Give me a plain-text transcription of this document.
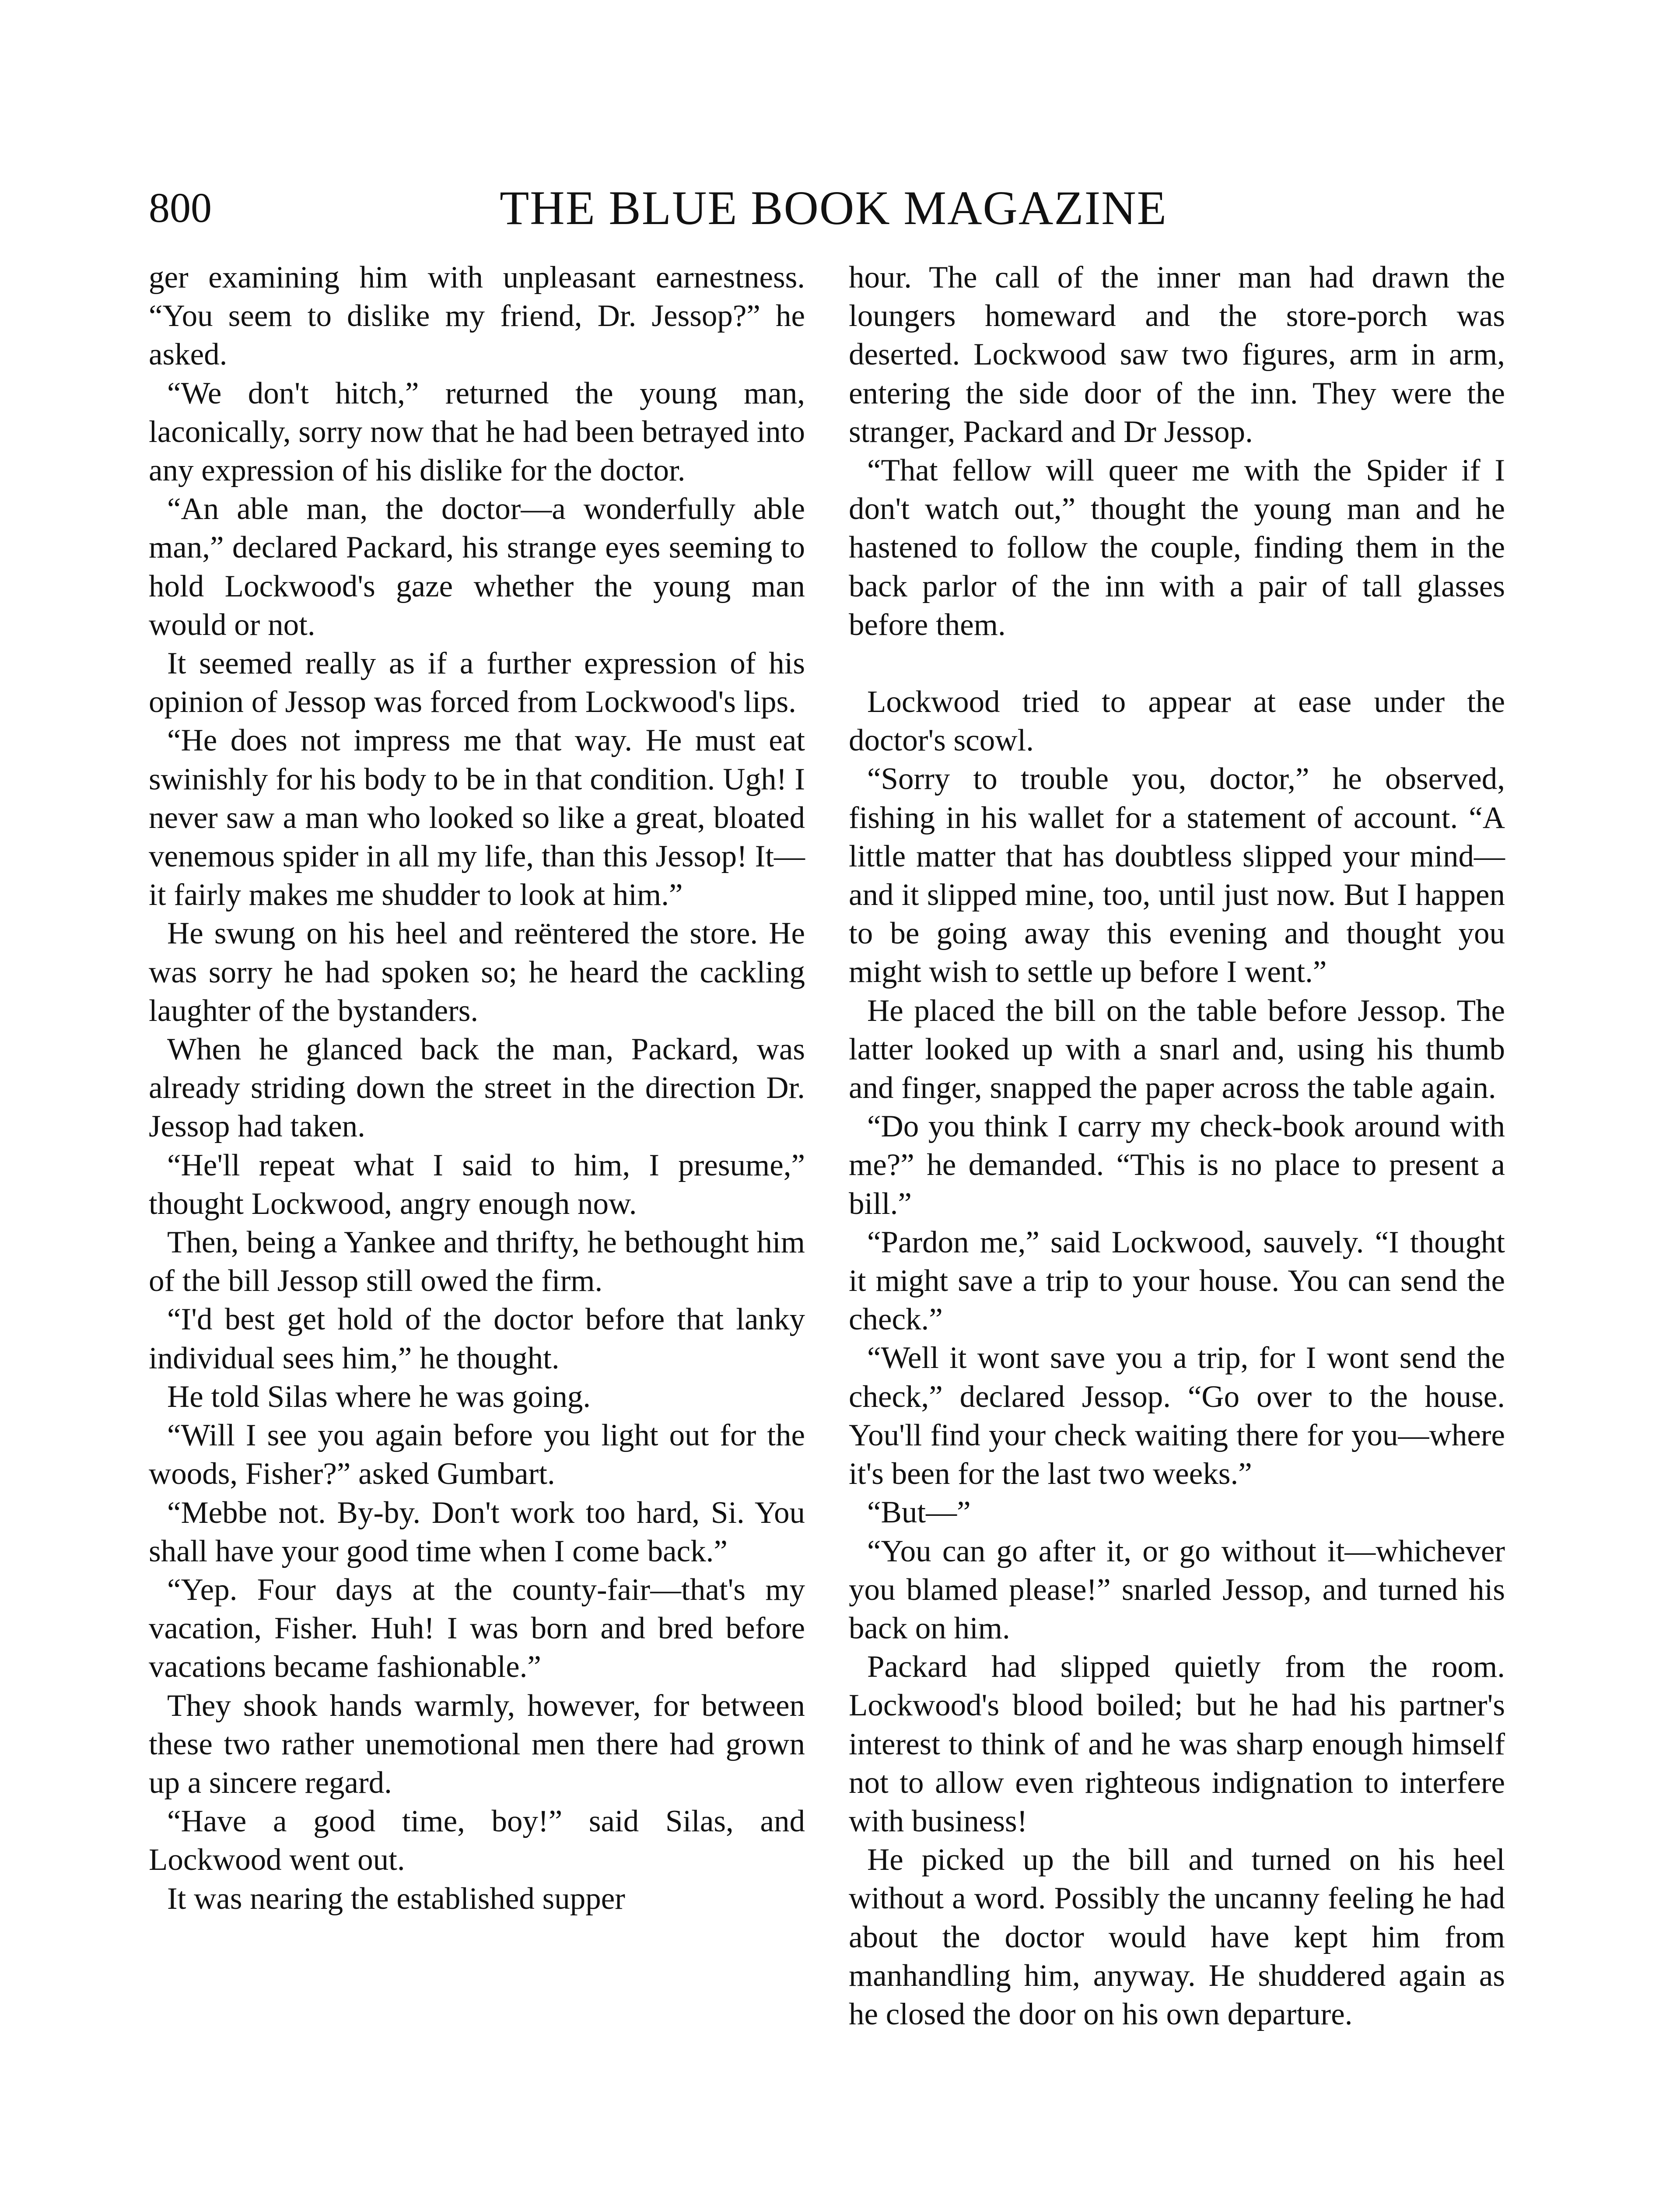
800	THE BLUE BOOK MAGAZINE

ger examining him with unpleasant earnestness. “You seem to dislike my friend, Dr. Jessop?” he asked.

“We don't hitch,” returned the young man, laconically, sorry now that he had been betrayed into any expression of his dislike for the doctor.

“An able man, the doctor—a wonderfully able man,” declared Packard, his strange eyes seeming to hold Lockwood's gaze whether the young man would or not.

It seemed really as if a further expression of his opinion of Jessop was forced from Lockwood's lips.

“He does not impress me that way. He must eat swinishly for his body to be in that condition. Ugh! I never saw a man who looked so like a great, bloated venemous spider in all my life, than this Jessop! It—it fairly makes me shudder to look at him.”

He swung on his heel and reëntered the store. He was sorry he had spoken so; he heard the cackling laughter of the bystanders.

When he glanced back the man, Packard, was already striding down the street in the direction Dr. Jessop had taken.

“He'll repeat what I said to him, I presume,” thought Lockwood, angry enough now.

Then, being a Yankee and thrifty, he bethought him of the bill Jessop still owed the firm.

“I'd best get hold of the doctor before that lanky individual sees him,” he thought.

He told Silas where he was going.

“Will I see you again before you light out for the woods, Fisher?” asked Gumbart.

“Mebbe not. By-by. Don't work too hard, Si. You shall have your good time when I come back.”

“Yep. Four days at the county-fair—that's my vacation, Fisher. Huh! I was born and bred before vacations became fashionable.”

They shook hands warmly, however, for between these two rather unemotional men there had grown up a sincere regard.

“Have a good time, boy!” said Silas, and Lockwood went out.

It was nearing the established supper

hour. The call of the inner man had drawn the loungers homeward and the store-porch was deserted. Lockwood saw two figures, arm in arm, entering the side door of the inn. They were the stranger, Packard and Dr Jessop.

“That fellow will queer me with the Spider if I don't watch out,” thought the young man and he hastened to follow the couple, finding them in the back parlor of the inn with a pair of tall glasses before them.

Lockwood tried to appear at ease under the doctor's scowl.

“Sorry to trouble you, doctor,” he observed, fishing in his wallet for a statement of account. “A little matter that has doubtless slipped your mind—and it slipped mine, too, until just now. But I happen to be going away this evening and thought you might wish to settle up before I went.”

He placed the bill on the table before Jessop. The latter looked up with a snarl and, using his thumb and finger, snapped the paper across the table again.

“Do you think I carry my check-book around with me?” he demanded. “This is no place to present a bill.”

“Pardon me,” said Lockwood, sauvely. “I thought it might save a trip to your house. You can send the check.”

“Well it wont save you a trip, for I wont send the check,” declared Jessop. “Go over to the house. You'll find your check waiting there for you—where it's been for the last two weeks.”

“But—”

“You can go after it, or go without it—whichever you blamed please!” snarled Jessop, and turned his back on him.

Packard had slipped quietly from the room. Lockwood's blood boiled; but he had his partner's interest to think of and he was sharp enough himself not to allow even righteous indignation to interfere with business!

He picked up the bill and turned on his heel without a word. Possibly the uncanny feeling he had about the doctor would have kept him from manhandling him, anyway. He shuddered again as he closed the door on his own departure.
